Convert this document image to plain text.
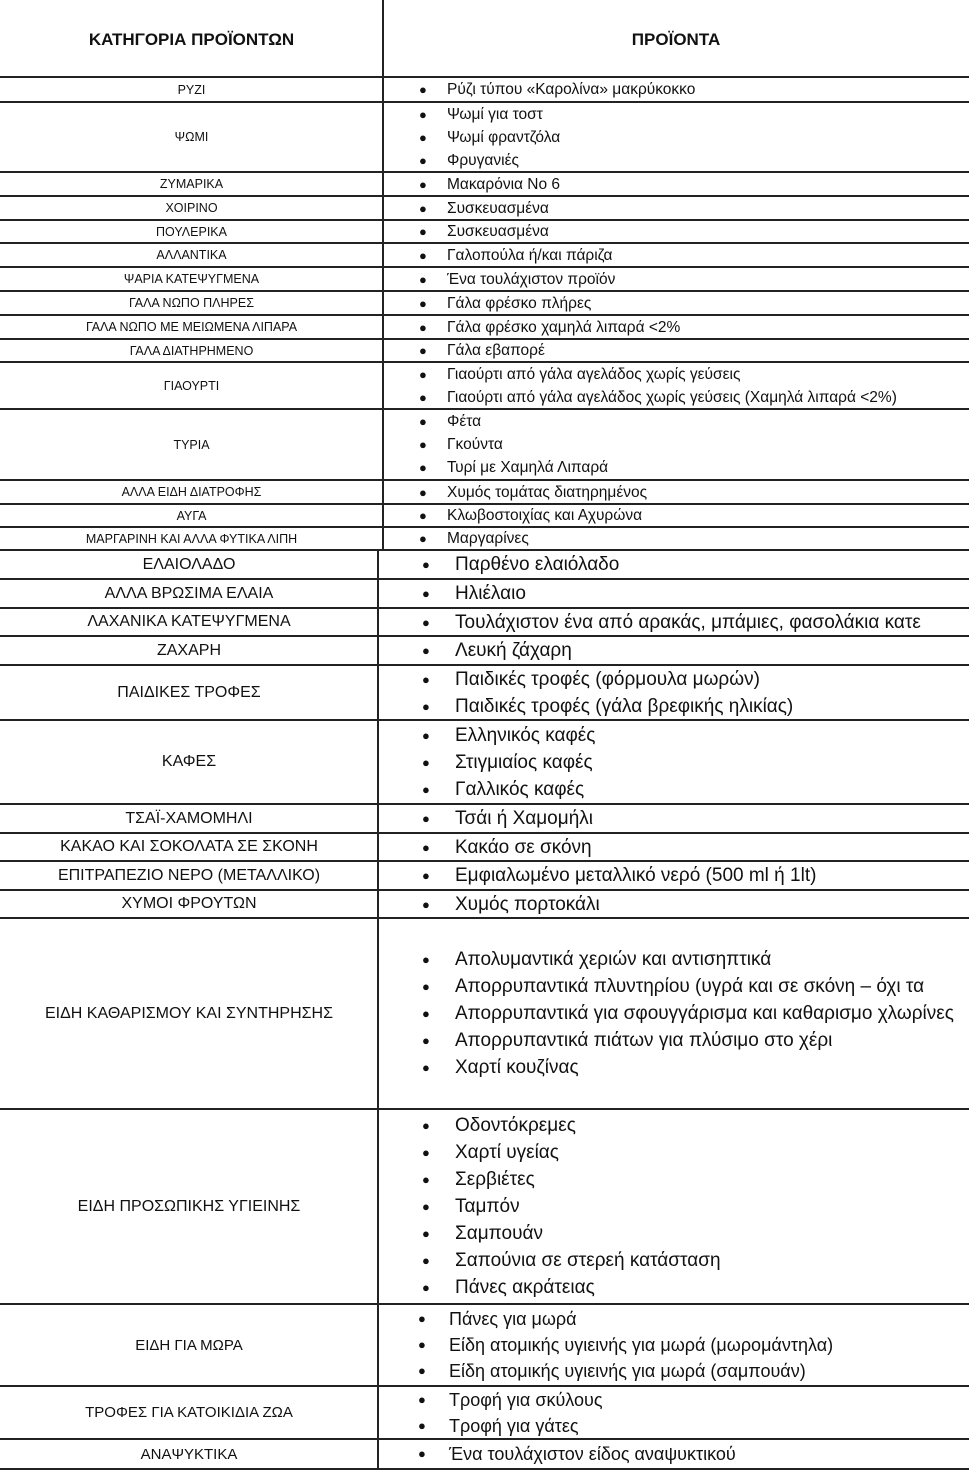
ΚΑΤΗΓΟΡΙΑ ΠΡΟΪΟΝΤΩΝ	ΠΡΟΪΟΝΤΑ
ΡΥΖΙ	●	Ρύζι τύπου «Καρολίνα» μακρύκοκκο
ΨΩΜΙ
●	Ψωμί για τοστ
●	Ψωμί φραντζόλα
●	Φρυγανιές
ΖΥΜΑΡΙΚΑ	●	Μακαρόνια Νο 6
ΧΟΙΡΙΝΟ	●	Συσκευασμένα
ΠΟΥΛΕΡΙΚΑ	●	Συσκευασμένα
ΑΛΛΑΝΤΙΚΑ	●	Γαλοπούλα ή/και πάριζα
ΨΑΡΙΑ ΚΑΤΕΨΥΓΜΕΝΑ	●	Ένα τουλάχιστον προϊόν
ΓΑΛΑ ΝΩΠΟ ΠΛΗΡΕΣ	●	Γάλα φρέσκο πλήρες
ΓΑΛΑ ΝΩΠΟ ΜΕ ΜΕΙΩΜΕΝΑ ΛΙΠΑΡΑ	●	Γάλα φρέσκο χαμηλά λιπαρά <2%
ΓΑΛΑ ΔΙΑΤΗΡΗΜΕΝΟ	●	Γάλα εβαπορέ
ΓΙΑΟΥΡΤΙ
●	Γιαούρτι από γάλα αγελάδος χωρίς γεύσεις
●	Γιαούρτι από γάλα αγελάδος χωρίς γεύσεις (Χαμηλά λιπαρά <2%)
ΤΥΡΙΑ
●	Φέτα
●	Γκούντα
●	Τυρί με Χαμηλά Λιπαρά
ΑΛΛΑ ΕΙΔΗ ΔΙΑΤΡΟΦΗΣ	●	Χυμός τομάτας διατηρημένος
ΑΥΓΑ	●	Κλωβοστοιχίας και Αχυρώνα
ΜΑΡΓΑΡΙΝΗ ΚΑΙ ΑΛΛΑ ΦΥΤΙΚΑ ΛΙΠΗ	●	Μαργαρίνες
ΕΛΑΙΟΛΑΔΟ	●	Παρθένο ελαιόλαδο
ΑΛΛΑ ΒΡΩΣΙΜΑ ΕΛΑΙΑ	●	Ηλιέλαιο
ΛΑΧΑΝΙΚΑ ΚΑΤΕΨΥΓΜΕΝΑ	●	Τουλάχιστον ένα από αρακάς, μπάμιες, φασολάκια κατε
ΖΑΧΑΡΗ	●	Λευκή ζάχαρη
ΠΑΙΔΙΚΕΣ ΤΡΟΦΕΣ
●	Παιδικές τροφές (φόρμουλα μωρών)
●	Παιδικές τροφές (γάλα βρεφικής ηλικίας)
ΚΑΦΕΣ
●	Ελληνικός καφές
●	Στιγμιαίος καφές
●	Γαλλικός καφές
ΤΣΑΪ-ΧΑΜΟΜΗΛΙ	●	Τσάι ή Χαμομήλι
ΚΑΚΑΟ ΚΑΙ ΣΟΚΟΛΑΤΑ ΣΕ ΣΚΟΝΗ	●	Κακάο σε σκόνη
ΕΠΙΤΡΑΠΕΖΙΟ ΝΕΡΟ (ΜΕΤΑΛΛΙΚΟ)	●	Εμφιαλωμένο μεταλλικό νερό (500 ml ή 1lt)
ΧΥΜΟΙ ΦΡΟΥΤΩΝ	●	Χυμός πορτοκάλι
ΕΙΔΗ ΚΑΘΑΡΙΣΜΟΥ ΚΑΙ ΣΥΝΤΗΡΗΣΗΣ
●	Απολυμαντικά χεριών και αντισηπτικά
●	Απορρυπαντικά πλυντηρίου (υγρά και σε σκόνη – όχι τα
●	Απορρυπαντικά για σφουγγάρισμα και καθαρισμο χλωρίνες
●	Απορρυπαντικά πιάτων για πλύσιμο στο χέρι
●	Χαρτί κουζίνας
ΕΙΔΗ ΠΡΟΣΩΠΙΚΗΣ ΥΓΙΕΙΝΗΣ
●	Οδοντόκρεμες
●	Χαρτί υγείας
●	Σερβιέτες
●	Ταμπόν
●	Σαμπουάν
●	Σαπούνια σε στερεή κατάσταση
●	Πάνες ακράτειας
ΕΙΔΗ ΓΙΑ ΜΩΡΑ
●	Πάνες για μωρά
●	Είδη ατομικής υγιεινής για μωρά (μωρομάντηλα)
●	Είδη ατομικής υγιεινής για μωρά (σαμπουάν)
ΤΡΟΦΕΣ ΓΙΑ ΚΑΤΟΙΚΙΔΙΑ ΖΩΑ
●	Τροφή για σκύλους
●	Τροφή για γάτες
ΑΝΑΨΥΚΤΙΚΑ	●	Ένα τουλάχιστον είδος αναψυκτικού
